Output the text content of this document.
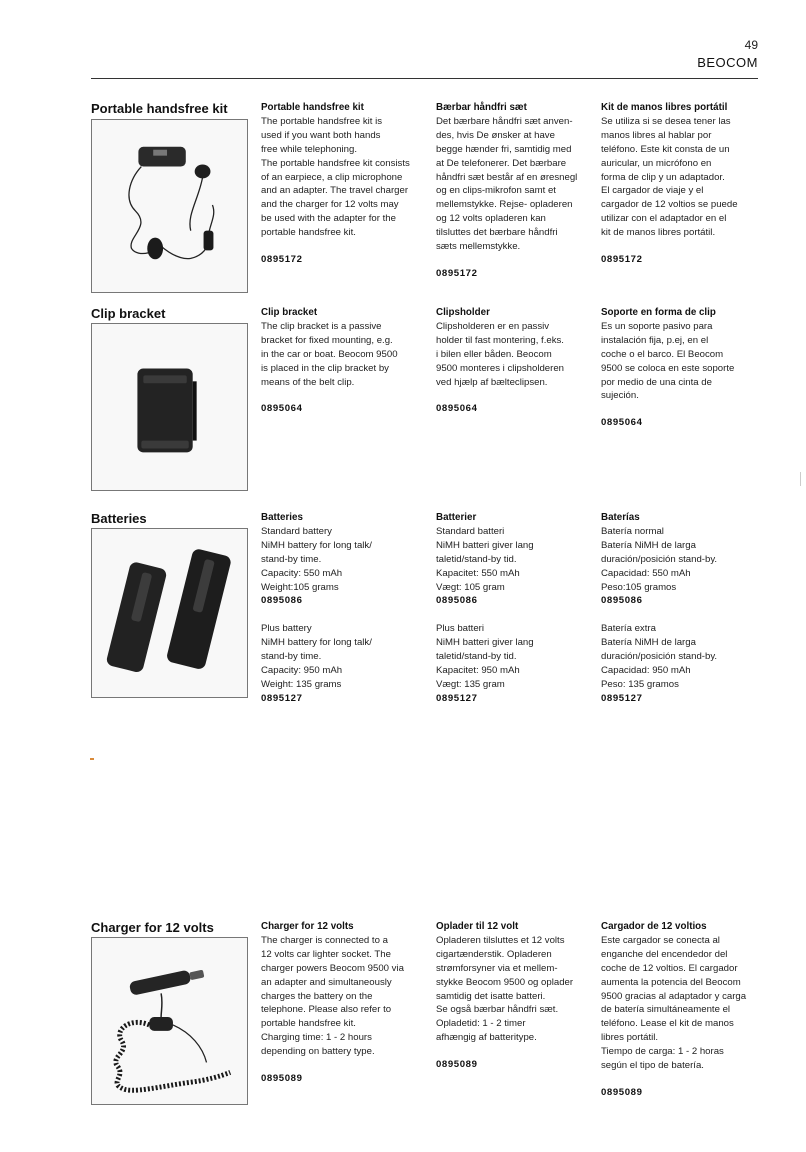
49
BEOCOM
Portable handsfree kit	Portable handsfree kit
The portable handsfree kit is
used if you want both hands
free while telephoning.
The portable handsfree kit consists
of an earpiece, a clip microphone
and an adapter. The travel charger
and the charger for 12 volts may
be used with the adapter for the
portable handsfree kit.
0895172
Bærbar håndfri sæt
Det bærbare håndfri sæt anven-
des, hvis De ønsker at have
begge hænder fri, samtidig med
at De telefonerer. Det bærbare
håndfri sæt består af en øresnegl
og en clips-mikrofon samt et
mellemstykke. Rejse- opladeren
og 12 volts opladeren kan
tilsluttes det bærbare håndfri
sæts mellemstykke.
0895172
Kit de manos libres portátil
Se utiliza si se desea tener las
manos libres al hablar por
teléfono. Este kit consta de un
auricular, un micrófono en
forma de clip y un adaptador.
El cargador de viaje y el
cargador de 12 voltios se puede
utilizar con el adaptador en el
kit de manos libres portátil.
0895172
Clip bracket	Clip bracket
The clip bracket is a passive
bracket for fixed mounting, e.g.
in the car or boat. Beocom 9500
is placed in the clip bracket by
means of the belt clip.
0895064
Clipsholder
Clipsholderen er en passiv
holder til fast montering, f.eks.
i bilen eller båden. Beocom
9500 monteres i clipsholderen
ved hjælp af bælteclipsen.
0895064
Soporte en forma de clip
Es un soporte pasivo para
instalación fija, p.ej, en el
coche o el barco. El Beocom
9500 se coloca en este soporte
por medio de una cinta de
sujeción.
0895064
Batteries	Batteries
Standard battery
NiMH battery for long talk/
stand-by time.
Capacity: 550 mAh
Weight:105 grams
0895086
Plus battery
NiMH battery for long talk/
stand-by time.
Capacity: 950 mAh
Weight: 135 grams
0895127
Batterier
Standard batteri
NiMH batteri giver lang
taletid/stand-by tid.
Kapacitet: 550 mAh
Vægt: 105 gram
0895086
Plus batteri
NiMH batteri giver lang
taletid/stand-by tid.
Kapacitet: 950 mAh
Vægt: 135 gram
0895127
Baterías
Batería normal
Batería NiMH de larga
duración/posición stand-by.
Capacidad: 550 mAh
Peso:105 gramos
0895086
Batería extra
Batería NiMH de larga
duración/posición stand-by.
Capacidad: 950 mAh
Peso: 135 gramos
0895127
Charger for 12 volts	Charger for 12 volts
The charger is connected to a
12 volts car lighter socket. The
charger powers Beocom 9500 via
an adapter and simultaneously
charges the battery on the
telephone. Please also refer to
portable handsfree kit.
Charging time: 1 - 2 hours
depending on battery type.
0895089
Oplader til 12 volt
Opladeren tilsluttes et 12 volts
cigartænderstik. Opladeren
strømforsyner via et mellem-
stykke Beocom 9500 og oplader
samtidig det isatte batteri.
Se også bærbar håndfri sæt.
Opladetid: 1 - 2 timer
afhængig af batteritype.
0895089
Cargador de 12 voltios
Este cargador se conecta al
enganche del encendedor del
coche de 12 voltios. El cargador
aumenta la potencia del Beocom
9500 gracias al adaptador y carga
de batería simultáneamente el
teléfono. Lease el kit de manos
libres portátil.
Tiempo de carga: 1 - 2 horas
según el tipo de batería.
0895089
